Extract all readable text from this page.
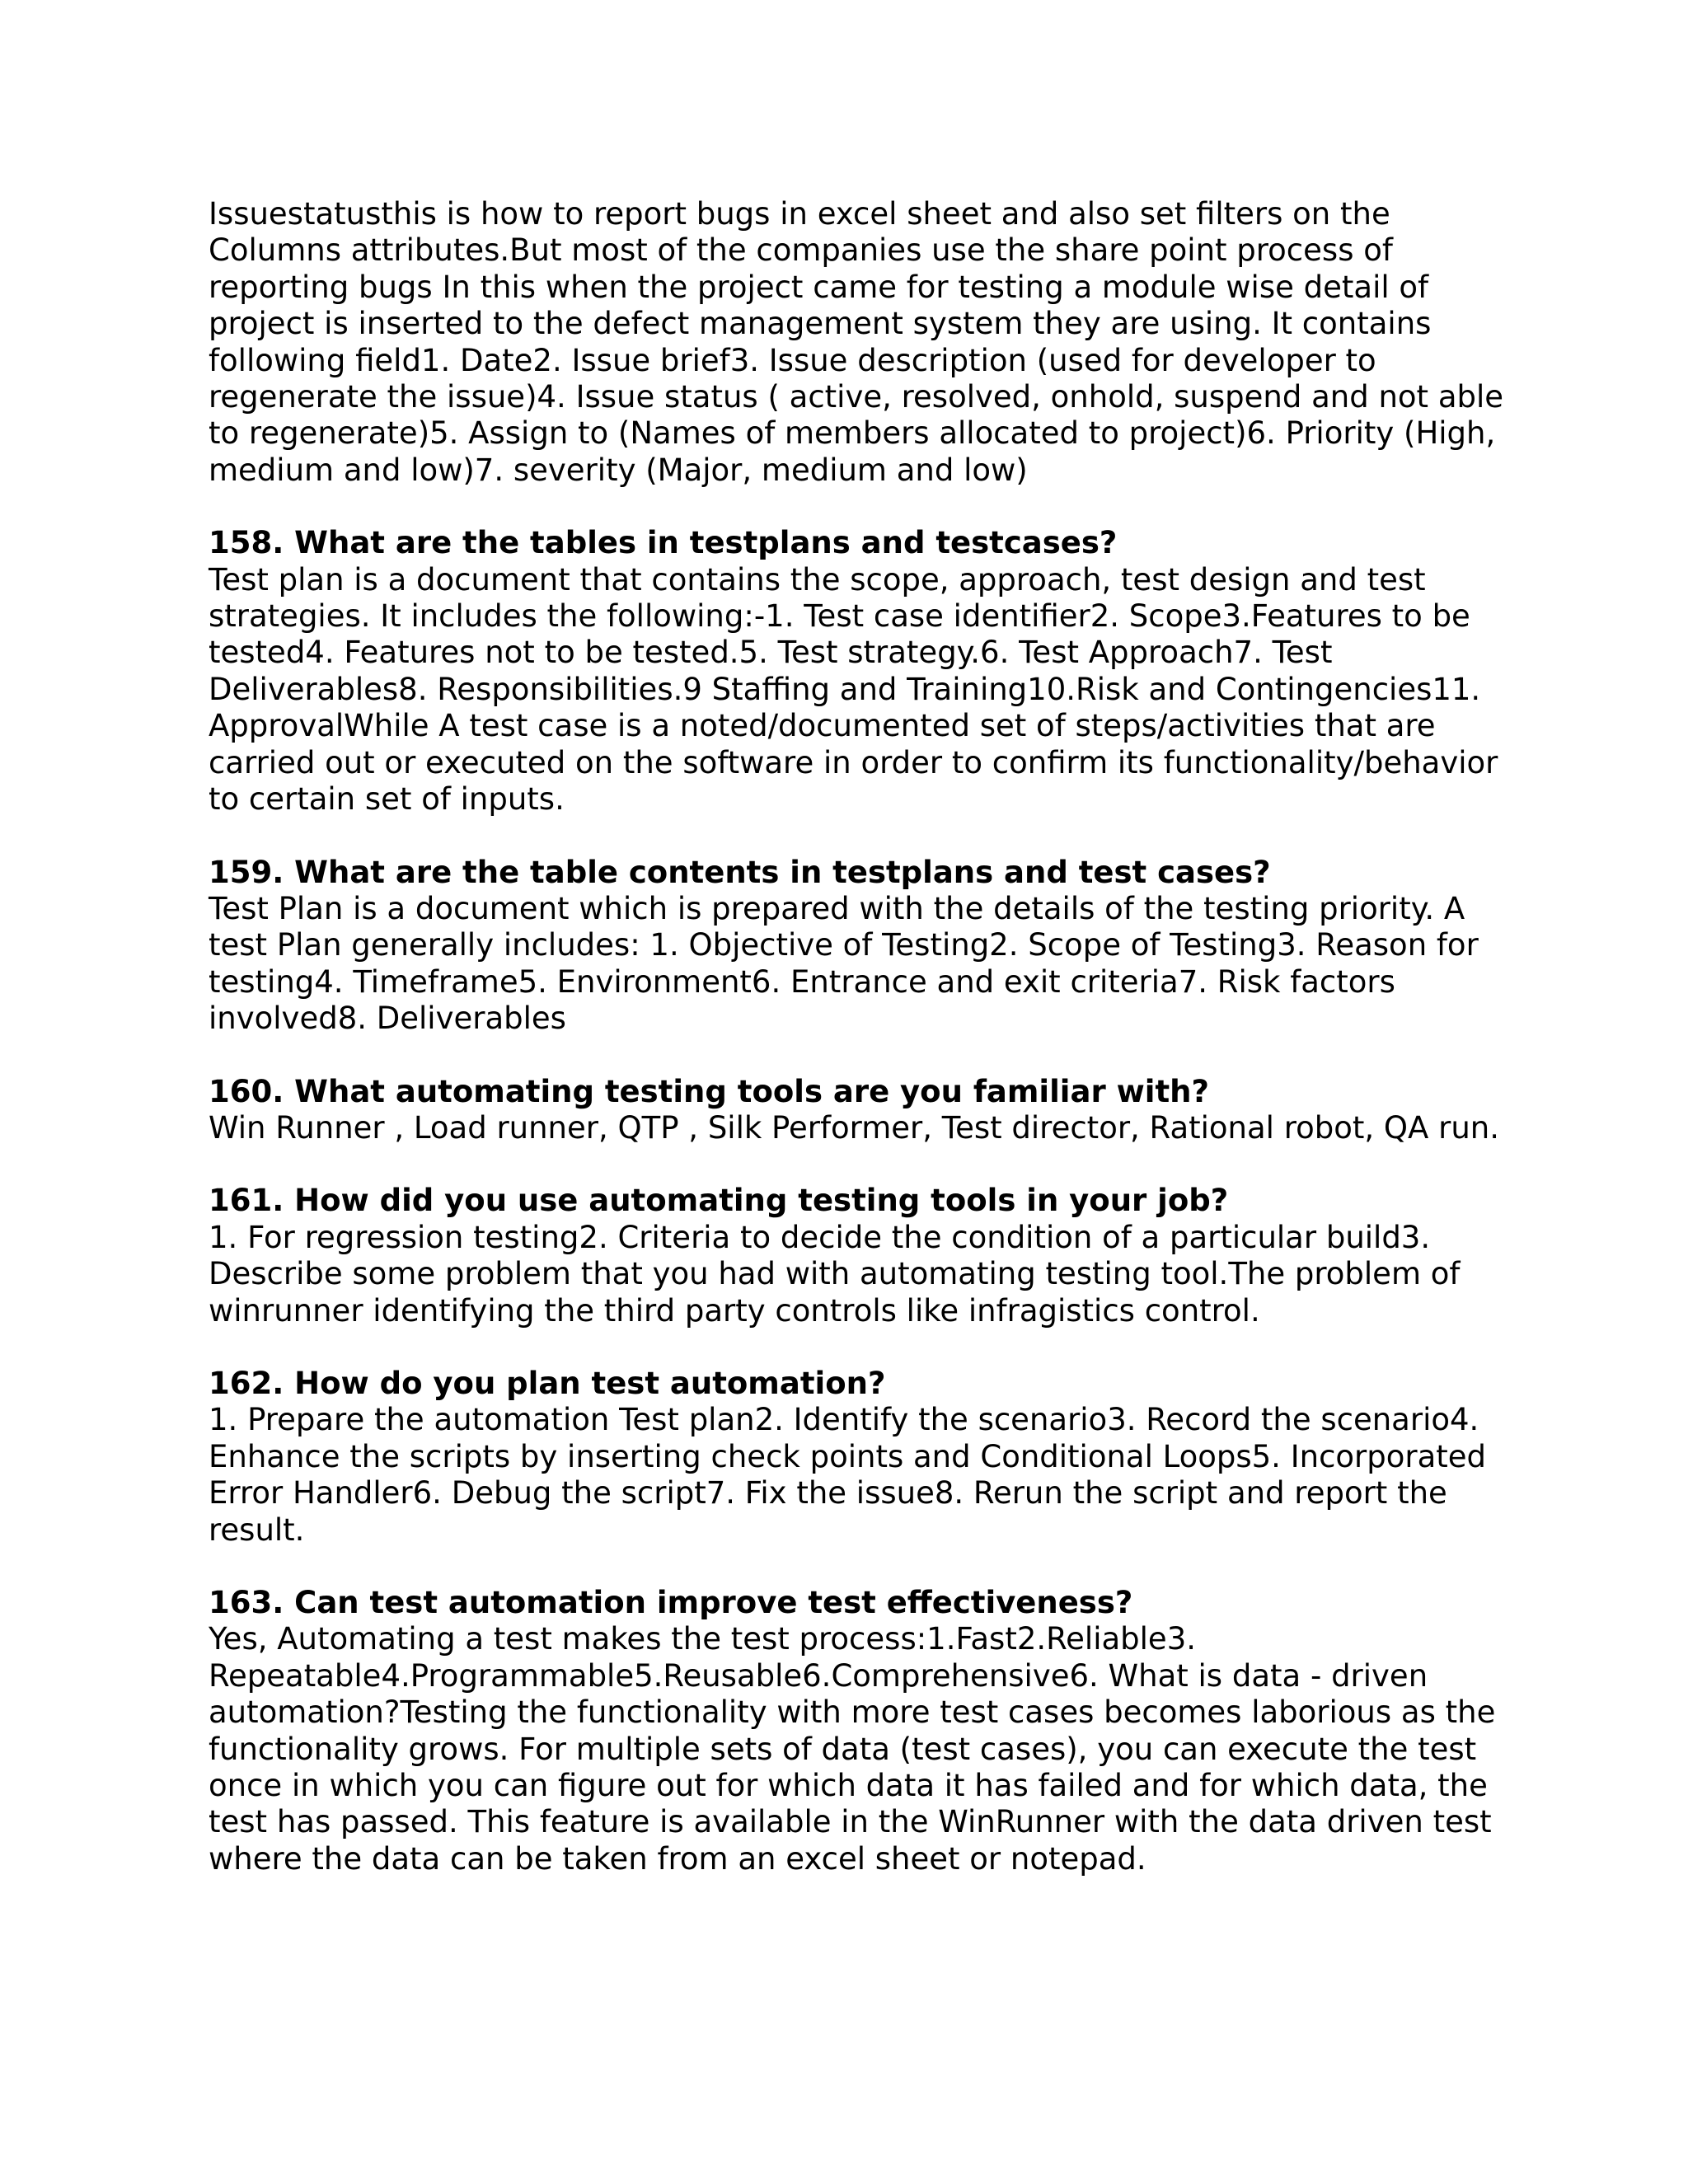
Issuestatusthis is how to report bugs in excel sheet and also set filters on the Columns attributes.But most of the companies use the share point process of reporting bugs In this when the project came for testing a module wise detail of project is inserted to the defect management system they are using. It contains following field1. Date2. Issue brief3. Issue description (used for developer to regenerate the issue)4. Issue status ( active, resolved, onhold, suspend and not able to regenerate)5. Assign to (Names of members allocated to project)6. Priority (High, medium and low)7. severity (Major, medium and low)

158. What are the tables in testplans and testcases?

Test plan is a document that contains the scope, approach, test design and test strategies. It includes the following:-1. Test case identifier2. Scope3.Features to be tested4. Features not to be tested.5. Test strategy.6. Test Approach7. Test Deliverables8. Responsibilities.9 Staffing and Training10.Risk and Contingencies11. ApprovalWhile A test case is a noted/documented set of steps/activities that are carried out or executed on the software in order to confirm its functionality/behavior to certain set of inputs.

159. What are the table contents in testplans and test cases?

Test Plan is a document which is prepared with the details of the testing priority. A test Plan generally includes: 1. Objective of Testing2. Scope of Testing3. Reason for testing4. Timeframe5. Environment6. Entrance and exit criteria7. Risk factors involved8. Deliverables

160. What automating testing tools are you familiar with?

Win Runner , Load runner, QTP , Silk Performer, Test director, Rational robot, QA run.

161. How did you use automating testing tools in your job?

1. For regression testing2. Criteria to decide the condition of a particular build3. Describe some problem that you had with automating testing tool.The problem of winrunner identifying the third party controls like infragistics control.

162. How do you plan test automation?

1. Prepare the automation Test plan2. Identify the scenario3. Record the scenario4. Enhance the scripts by inserting check points and Conditional Loops5. Incorporated Error Handler6. Debug the script7. Fix the issue8. Rerun the script and report the result.

163. Can test automation improve test effectiveness?

Yes, Automating a test makes the test process:1.Fast2.Reliable3. Repeatable4.Programmable5.Reusable6.Comprehensive6. What is data - driven automation?Testing the functionality with more test cases becomes laborious as the functionality grows. For multiple sets of data (test cases), you can execute the test once in which you can figure out for which data it has failed and for which data, the test has passed. This feature is available in the WinRunner with the data driven test where the data can be taken from an excel sheet or notepad.
